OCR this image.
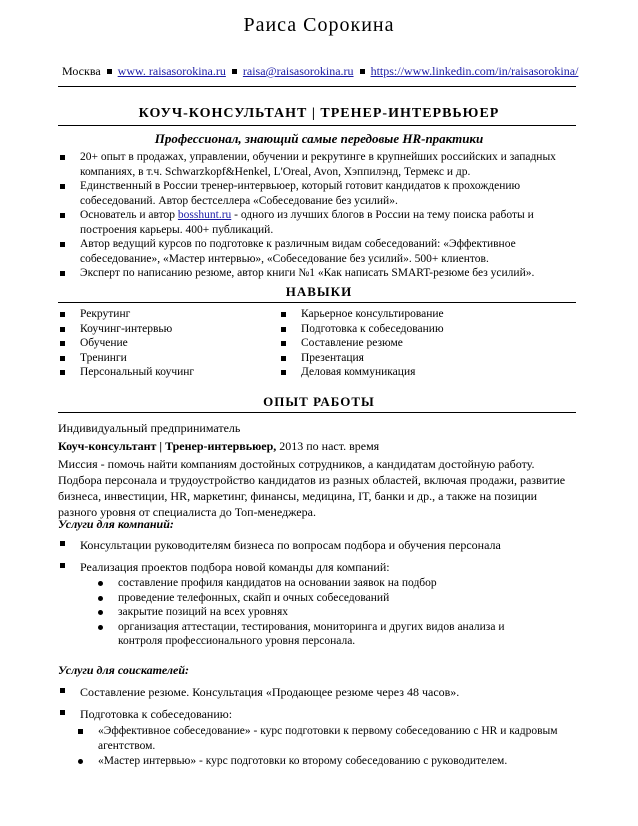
Раиса Сорокина
Москва www. raisasorokina.ru raisa@raisasorokina.ru https://www.linkedin.com/in/raisasorokina/
КОУЧ-КОНСУЛЬТАНТ | ТРЕНЕР-ИНТЕРВЬЮЕР
Профессионал, знающий самые передовые HR-практики
20+ опыт в продажах, управлении, обучении и рекрутинге в крупнейших российских и западных компаниях, в т.ч. Schwarzkopf&Henkel, L'Oreal, Avon, Хэппилэнд, Термекс и др.
Единственный в России тренер-интервьюер, который готовит кандидатов к прохождению собеседований. Автор бестселлера «Собеседование без усилий».
Основатель и автор bosshunt.ru - одного из лучших блогов в России на тему поиска работы и построения карьеры. 400+ публикаций.
Автор ведущий курсов по подготовке к различным видам собеседований: «Эффективное собеседование», «Мастер интервью», «Собеседование без усилий». 500+ клиентов.
Эксперт по написанию резюме, автор книги №1 «Как написать SMART-резюме без усилий».
НАВЫКИ
Рекрутинг
Коучинг-интервью
Обучение
Тренинги
Персональный коучинг
Карьерное консультирование
Подготовка к собеседованию
Составление резюме
Презентация
Деловая коммуникация
ОПЫТ РАБОТЫ
Индивидуальный предприниматель
Коуч-консультант | Тренер-интервьюер, 2013 по наст. время
Миссия - помочь найти компаниям достойных сотрудников, а кандидатам достойную работу.
Подбора персонала и трудоустройство кандидатов из разных областей, включая продажи, развитие бизнеса, инвестиции, HR, маркетинг, финансы, медицина, IT, банки и др., а также на позиции разного уровня от специалиста до Топ-менеджера.
Услуги для компаний:
Консультации руководителям бизнеса по вопросам подбора и обучения персонала
Реализация проектов подбора новой команды для компаний:
составление профиля кандидатов на основании заявок на подбор
проведение телефонных, скайп и очных собеседований
закрытие позиций на всех уровнях
организация аттестации, тестирования, мониторинга и других видов анализа и контроля профессионального уровня персонала.
Услуги для соискателей:
Составление резюме. Консультация «Продающее резюме через 48 часов».
Подготовка к собеседованию:
«Эффективное собеседование» - курс подготовки к первому собеседованию с HR и кадровым агентством.
«Мастер интервью» - курс подготовки ко второму собеседованию с руководителем.
